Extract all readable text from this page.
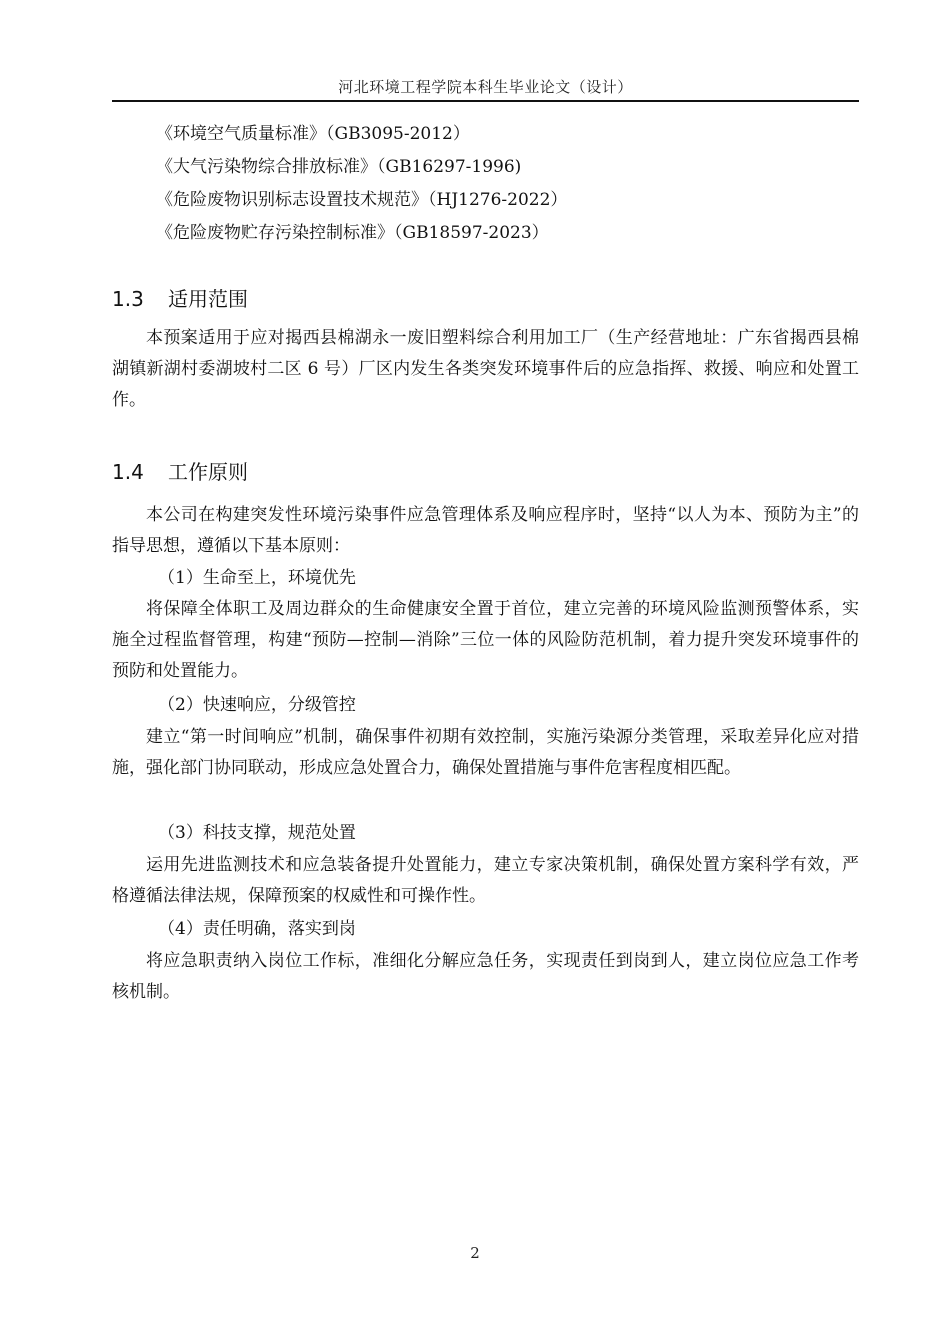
河北环境工程学院本科生毕业论文（设计）
《环境空气质量标准》（GB3095-2012）
《大气污染物综合排放标准》（GB16297-1996)
《危险废物识别标志设置技术规范》（HJ1276-2022）
《危险废物贮存污染控制标准》（GB18597-2023）
1.3 适用范围
本预案适用于应对揭西县棉湖永一废旧塑料综合利用加工厂（生产经营地址：广东省揭西县棉湖镇新湖村委湖坡村二区 6 号）厂区内发生各类突发环境事件后的应急指挥、救援、响应和处置工作。
1.4 工作原则
本公司在构建突发性环境污染事件应急管理体系及响应程序时，坚持“以人为本、预防为主”的指导思想，遵循以下基本原则：
（1）生命至上，环境优先
将保障全体职工及周边群众的生命健康安全置于首位，建立完善的环境风险监测预警体系，实施全过程监督管理，构建“预防—控制—消除”三位一体的风险防范机制，着力提升突发环境事件的预防和处置能力。
（2）快速响应，分级管控
建立“第一时间响应”机制，确保事件初期有效控制，实施污染源分类管理，采取差异化应对措施，强化部门协同联动，形成应急处置合力，确保处置措施与事件危害程度相匹配。
（3）科技支撑，规范处置
运用先进监测技术和应急装备提升处置能力，建立专家决策机制，确保处置方案科学有效，严格遵循法律法规，保障预案的权威性和可操作性。
（4）责任明确，落实到岗
将应急职责纳入岗位工作标，准细化分解应急任务，实现责任到岗到人，建立岗位应急工作考核机制。
2
